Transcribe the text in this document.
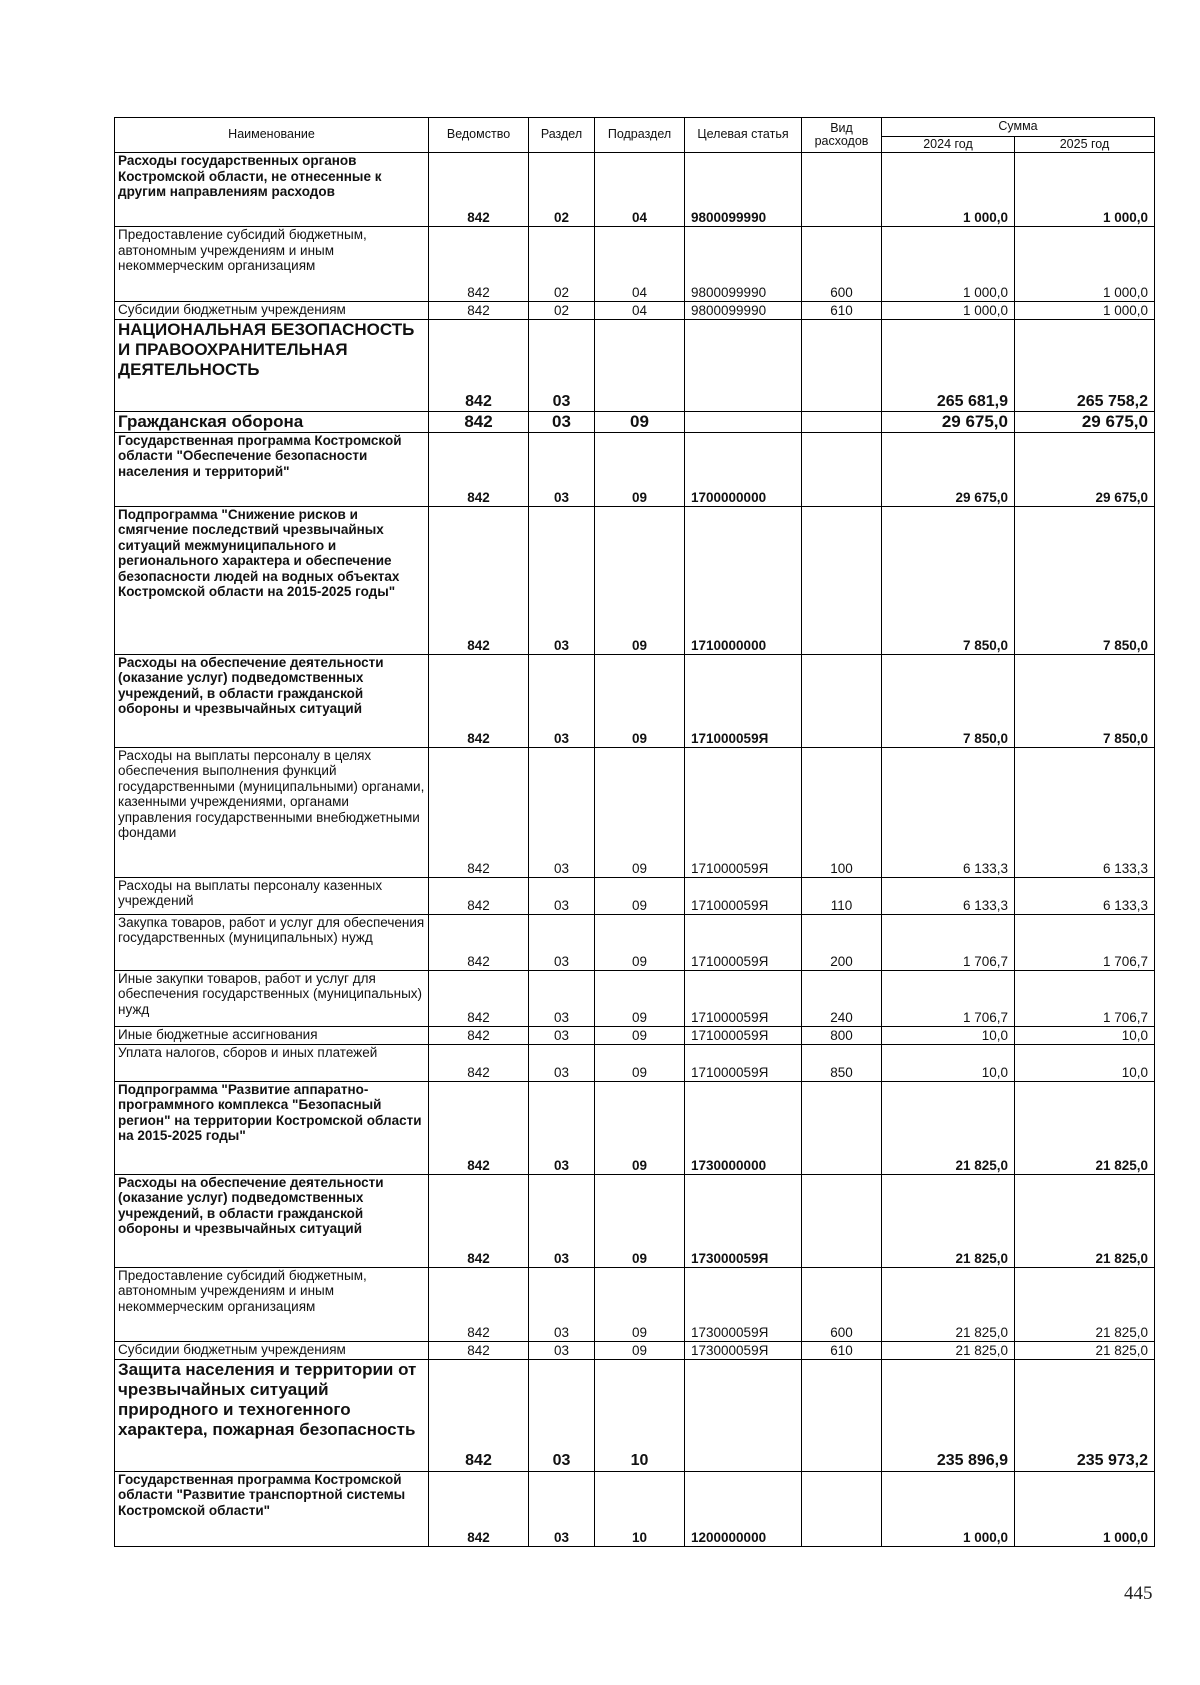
Наименование	Ведомство	Раздел	Подраздел	Целевая статья	Вид расходов	Сумма	
						2024 год	2025 год
Расходы государственных органов Костромской области, не отнесенные к другим направлениям расходов	842	02	04	9800099990		1 000,0	1 000,0
Предоставление субсидий бюджетным, автономным учреждениям и иным некоммерческим организациям	842	02	04	9800099990	600	1 000,0	1 000,0
Субсидии бюджетным учреждениям	842	02	04	9800099990	610	1 000,0	1 000,0
НАЦИОНАЛЬНАЯ БЕЗОПАСНОСТЬ И ПРАВООХРАНИТЕЛЬНАЯ ДЕЯТЕЛЬНОСТЬ	842	03				265 681,9	265 758,2
Гражданская оборона	842	03	09			29 675,0	29 675,0
Государственная программа Костромской области "Обеспечение безопасности населения и территорий"	842	03	09	1700000000		29 675,0	29 675,0
Подпрограмма "Снижение рисков и смягчение последствий чрезвычайных ситуаций межмуниципального и регионального характера и обеспечение безопасности людей на водных объектах Костромской области на 2015-2025 годы"	842	03	09	1710000000		7 850,0	7 850,0
Расходы на обеспечение деятельности (оказание услуг) подведомственных учреждений, в области гражданской обороны и чрезвычайных ситуаций	842	03	09	171000059Я		7 850,0	7 850,0
Расходы на выплаты персоналу в целях обеспечения выполнения функций государственными (муниципальными) органами, казенными учреждениями, органами управления государственными внебюджетными фондами	842	03	09	171000059Я	100	6 133,3	6 133,3
Расходы на выплаты персоналу казенных учреждений	842	03	09	171000059Я	110	6 133,3	6 133,3
Закупка товаров, работ и услуг для обеспечения государственных (муниципальных) нужд	842	03	09	171000059Я	200	1 706,7	1 706,7
Иные закупки товаров, работ и услуг для обеспечения государственных (муниципальных) нужд	842	03	09	171000059Я	240	1 706,7	1 706,7
Иные бюджетные ассигнования	842	03	09	171000059Я	800	10,0	10,0
Уплата налогов, сборов и иных платежей	842	03	09	171000059Я	850	10,0	10,0
Подпрограмма "Развитие аппаратно-программного комплекса "Безопасный регион" на территории Костромской области на 2015-2025 годы"	842	03	09	1730000000		21 825,0	21 825,0
Расходы на обеспечение деятельности (оказание услуг) подведомственных учреждений, в области гражданской обороны и чрезвычайных ситуаций	842	03	09	173000059Я		21 825,0	21 825,0
Предоставление субсидий бюджетным, автономным учреждениям и иным некоммерческим организациям	842	03	09	173000059Я	600	21 825,0	21 825,0
Субсидии бюджетным учреждениям	842	03	09	173000059Я	610	21 825,0	21 825,0
Защита населения и территории от чрезвычайных ситуаций природного и техногенного характера, пожарная безопасность	842	03	10			235 896,9	235 973,2
Государственная программа Костромской области "Развитие транспортной системы Костромской области"	842	03	10	1200000000		1 000,0	1 000,0
445
